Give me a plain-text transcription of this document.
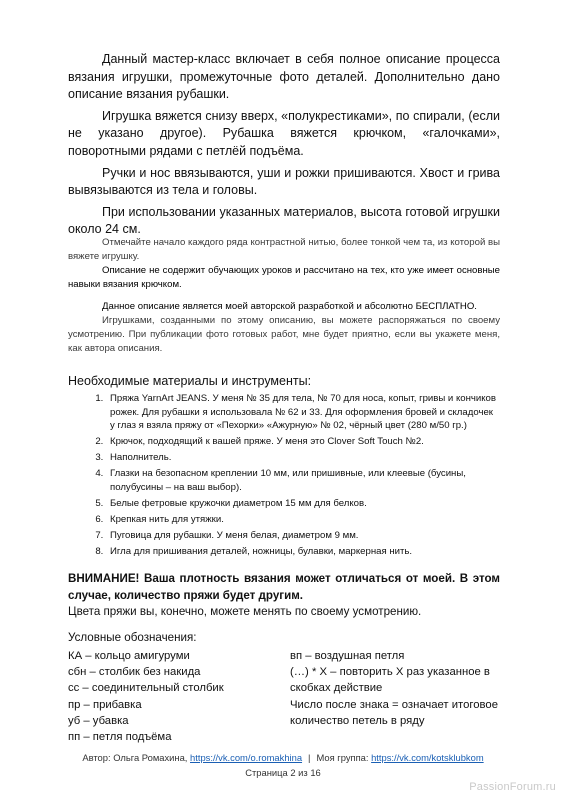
Данный мастер-класс включает в себя полное описание процесса вязания игрушки, промежуточные фото деталей. Дополнительно дано описание вязания рубашки.

Игрушка вяжется снизу вверх, «полукрестиками», по спирали, (если не указано другое). Рубашка вяжется крючком, «галочками», поворотными рядами с петлёй подъёма.

Ручки и нос ввязываются, уши и рожки пришиваются. Хвост и грива вывязываются из тела и головы.

При использовании указанных материалов, высота готовой игрушки около 24 см.

Отмечайте начало каждого ряда контрастной нитью, более тонкой чем та, из которой вы вяжете игрушку.

Описание не содержит обучающих уроков и рассчитано на тех, кто уже имеет основные навыки вязания крючком.

Данное описание является моей авторской разработкой и абсолютно БЕСПЛАТНО.

Игрушками, созданными по этому описанию, вы можете распоряжаться по своему усмотрению. При публикации фото готовых работ, мне будет приятно, если вы укажете меня, как автора описания.

Необходимые материалы и инструменты:
1. Пряжа YarnArt JEANS. У меня № 35 для тела, № 70 для носа, копыт, гривы и кончиков рожек. Для рубашки я использовала № 62 и 33. Для оформления бровей и складочек у глаз я взяла пряжу от «Пехорки» «Ажурную» № 02, чёрный цвет (280 м/50 гр.)
2. Крючок, подходящий к вашей пряже. У меня это Clover Soft Touch №2.
3. Наполнитель.
4. Глазки на безопасном креплении 10 мм, или пришивные, или клеевые (бусины, полубусины – на ваш выбор).
5. Белые фетровые кружочки диаметром 15 мм для белков.
6. Крепкая нить для утяжки.
7. Пуговица для рубашки. У меня белая, диаметром 9 мм.
8. Игла для пришивания деталей, ножницы, булавки, маркерная нить.

ВНИМАНИЕ! Ваша плотность вязания может отличаться от моей. В этом случае, количество пряжи будет другим.

Цвета пряжи вы, конечно, можете менять по своему усмотрению.

Условные обозначения:

КА – кольцо амигуруми
сбн – столбик без накида
сс – соединительный столбик
пр – прибавка
уб – убавка
пп – петля подъёма
вп – воздушная петля
(…) * Х – повторить Х раз указанное в скобках действие
Число после знака = означает итоговое количество петель в ряду
Автор: Ольга Ромахина, https://vk.com/o.romakhina | Моя группа: https://vk.com/kotsklubkom
Страница 2 из 16
PassionForum.ru
